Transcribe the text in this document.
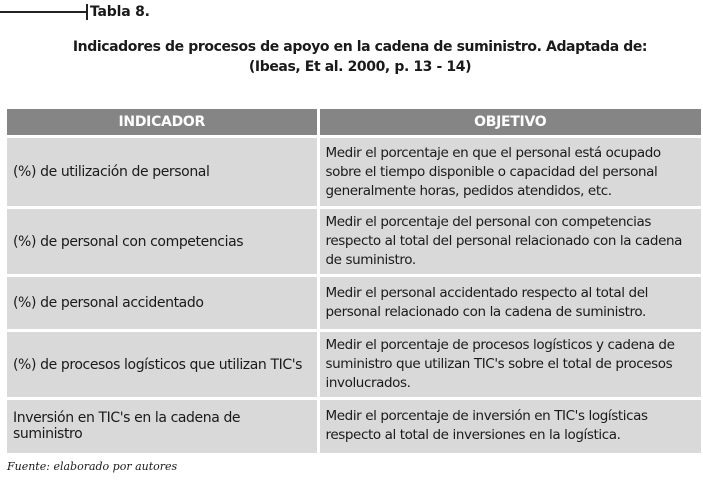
Tabla 8.
Indicadores de procesos de apoyo en la cadena de suministro. Adaptada de:
(Ibeas, Et al. 2000, p. 13 - 14)
INDICADOR	OBJETIVO
(%) de utilización de personal	Medir el porcentaje en que el personal está ocupado sobre el tiempo disponible o capacidad del personal generalmente horas, pedidos atendidos, etc.
(%) de personal con competencias	Medir el porcentaje del personal con competencias respecto al total del personal relacionado con la cadena de suministro.
(%) de personal accidentado	Medir el personal accidentado respecto al total del personal relacionado con la cadena de suministro.
(%) de procesos logísticos que utilizan TIC's	Medir el porcentaje de procesos logísticos y cadena de suministro que utilizan TIC's sobre el total de procesos involucrados.
Inversión en TIC's en la cadena de suministro	Medir el porcentaje de inversión en TIC's logísticas respecto al total de inversiones en la logística.
Fuente: elaborado por autores
